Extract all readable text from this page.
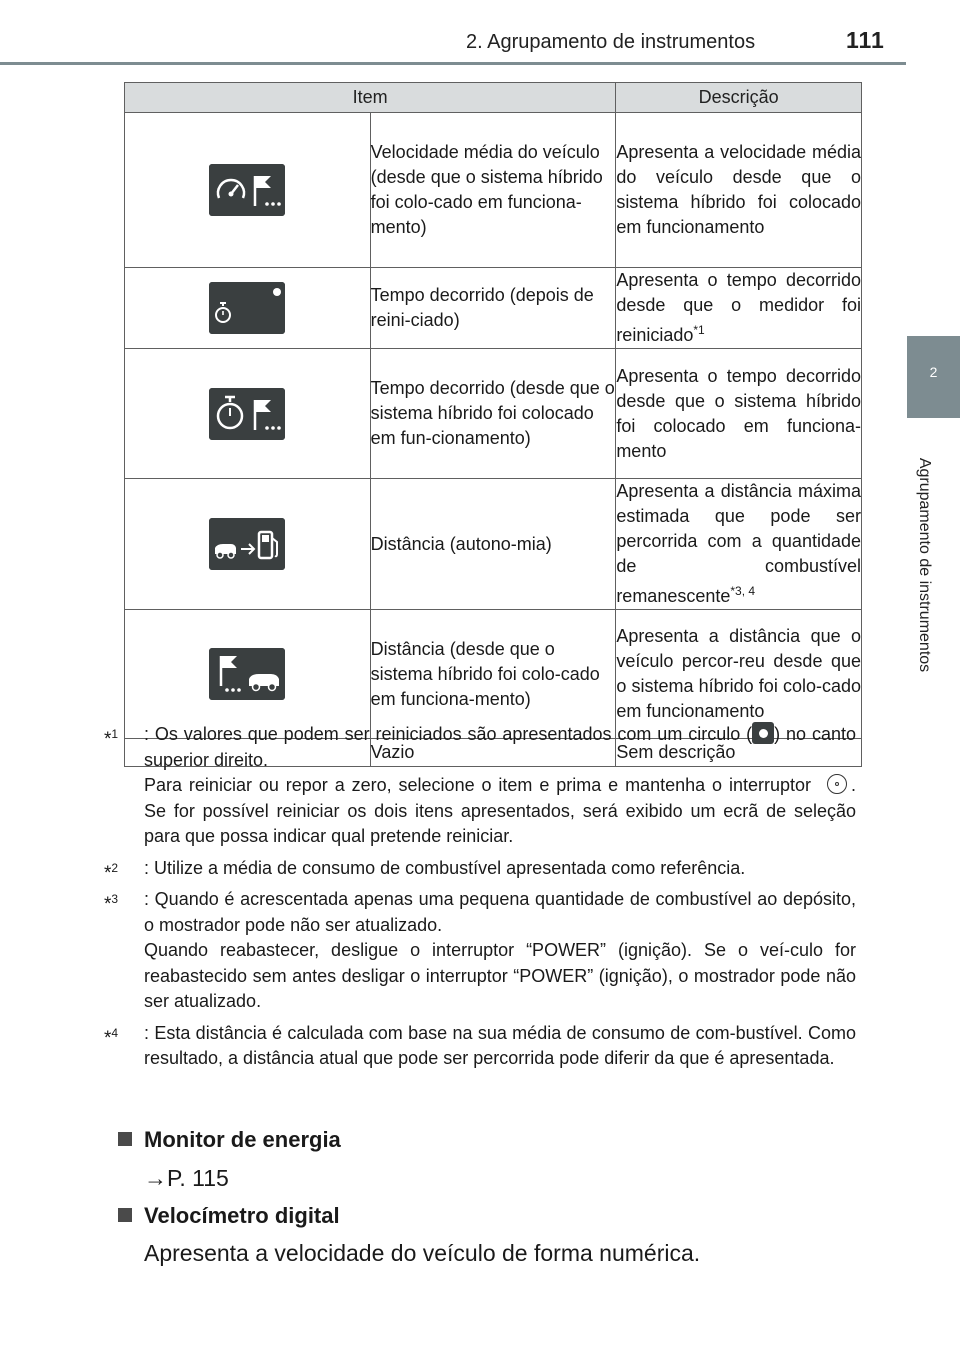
2. Agrupamento de instrumentos	111
2
Agrupamento de instrumentos
Item		Descrição

	Velocidade média do veículo (desde que o sistema híbrido foi colo-cado em funciona-mento)	Apresenta a velocidade média do veículo desde que o sistema híbrido foi colocado em funcionamento

	Tempo decorrido (depois de reini-ciado)	Apresenta o tempo decorrido desde que o medidor foi reiniciado$^{*1}$

	Tempo decorrido (desde que o sistema híbrido foi colocado em fun-cionamento)	Apresenta o tempo decorrido desde que o sistema híbrido foi colocado em funciona-mento

	Distância (autono-mia)	Apresenta a distância máxima estimada que pode ser percorrida com a quantidade de combustível remanescente$^{*3, 4}$

	Distância (desde que o sistema híbrido foi colo-cado em funciona-mento)	Apresenta a distância que o veículo percor-reu desde que o sistema híbrido foi colo-cado em funcionamento
	Vazio	Sem descrição
*$^1$ : Os valores que podem ser reiniciados são apresentados com um circulo ( ) no canto superior direito.
Para reiniciar ou repor a zero, selecione o item e prima e mantenha o interruptor . Se for possível reiniciar os dois itens apresentados, será exibido um ecrã de seleção para que possa indicar qual pretende reiniciar.
*$^2$ : Utilize a média de consumo de combustível apresentada como referência.
*$^3$ : Quando é acrescentada apenas uma pequena quantidade de combustível ao depósito, o mostrador pode não ser atualizado.
Quando reabastecer, desligue o interruptor “POWER” (ignição). Se o veí-culo for reabastecido sem antes desligar o interruptor “POWER” (ignição), o mostrador pode não ser atualizado.
*$^4$ : Esta distância é calculada com base na sua média de consumo de com-bustível. Como resultado, a distância atual que pode ser percorrida pode diferir da que é apresentada.
Monitor de energia
→P. 115
Velocímetro digital
Apresenta a velocidade do veículo de forma numérica.
